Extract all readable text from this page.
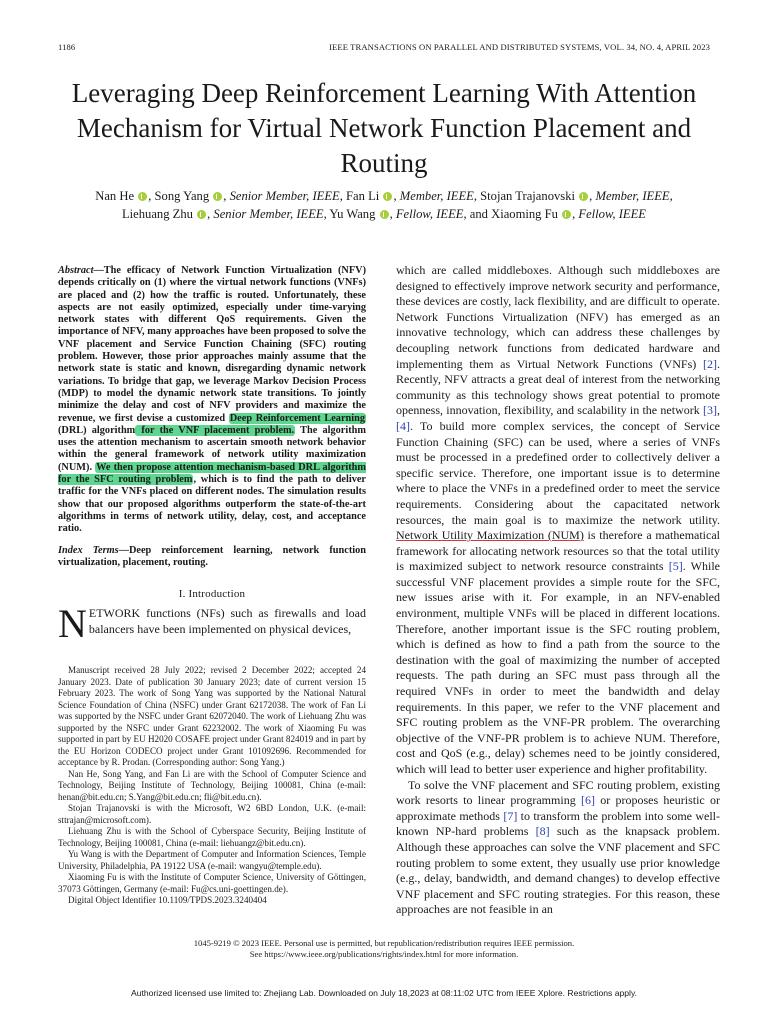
1186	IEEE TRANSACTIONS ON PARALLEL AND DISTRIBUTED SYSTEMS, VOL. 34, NO. 4, APRIL 2023
Leveraging Deep Reinforcement Learning With Attention Mechanism for Virtual Network Function Placement and Routing
Nan He , Song Yang , Senior Member, IEEE, Fan Li , Member, IEEE, Stojan Trajanovski , Member, IEEE,
Liehuang Zhu , Senior Member, IEEE, Yu Wang , Fellow, IEEE, and Xiaoming Fu , Fellow, IEEE

Abstract—The efficacy of Network Function Virtualization (NFV) depends critically on (1) where the virtual network functions (VNFs) are placed and (2) how the traffic is routed. Unfortunately, these aspects are not easily optimized, especially under time-varying network states with different QoS requirements. Given the importance of NFV, many approaches have been proposed to solve the VNF placement and Service Function Chaining (SFC) routing problem. However, those prior approaches mainly assume that the network state is static and known, disregarding dynamic network variations. To bridge that gap, we leverage Markov Decision Process (MDP) to model the dynamic network state transitions. To jointly minimize the delay and cost of NFV providers and maximize the revenue, we first devise a customized Deep Reinforcement Learning (DRL) algorithm for the VNF placement problem. The algorithm uses the attention mechanism to ascertain smooth network behavior within the general framework of network utility maximization (NUM). We then propose attention mechanism-based DRL algorithm for the SFC routing problem, which is to find the path to deliver traffic for the VNFs placed on different nodes. The simulation results show that our proposed algorithms outperform the state-of-the-art algorithms in terms of network utility, delay, cost, and acceptance ratio.

Index Terms—Deep reinforcement learning, network function virtualization, placement, routing.

I. Introduction

NETWORK functions (NFs) such as firewalls and load balancers have been implemented on physical devices,

Manuscript received 28 July 2022; revised 2 December 2022; accepted 24 January 2023. Date of publication 30 January 2023; date of current version 15 February 2023. The work of Song Yang was supported by the National Natural Science Foundation of China (NSFC) under Grant 62172038. The work of Fan Li was supported by the NSFC under Grant 62072040. The work of Liehuang Zhu was supported by the NSFC under Grant 62232002. The work of Xiaoming Fu was supported in part by EU H2020 COSAFE project under Grant 824019 and in part by the EU Horizon CODECO project under Grant 101092696. Recommended for acceptance by R. Prodan. (Corresponding author: Song Yang.)

Nan He, Song Yang, and Fan Li are with the School of Computer Science and Technology, Beijing Institute of Technology, Beijing 100081, China (e-mail: henan@bit.edu.cn; S.Yang@bit.edu.cn; fli@bit.edu.cn).

Stojan Trajanovski is with the Microsoft, W2 6BD London, U.K. (e-mail: sttrajan@microsoft.com).

Liehuang Zhu is with the School of Cyberspace Security, Beijing Institute of Technology, Beijing 100081, China (e-mail: liehuangz@bit.edu.cn).

Yu Wang is with the Department of Computer and Information Sciences, Temple University, Philadelphia, PA 19122 USA (e-mail: wangyu@temple.edu).

Xiaoming Fu is with the Institute of Computer Science, University of Göttingen, 37073 Göttingen, Germany (e-mail: Fu@cs.uni-goettingen.de).

Digital Object Identifier 10.1109/TPDS.2023.3240404

which are called middleboxes. Although such middleboxes are designed to effectively improve network security and performance, these devices are costly, lack flexibility, and are difficult to operate. Network Functions Virtualization (NFV) has emerged as an innovative technology, which can address these challenges by decoupling network functions from dedicated hardware and implementing them as Virtual Network Functions (VNFs) [2]. Recently, NFV attracts a great deal of interest from the networking community as this technology shows great potential to promote openness, innovation, flexibility, and scalability in the network [3], [4]. To build more complex services, the concept of Service Function Chaining (SFC) can be used, where a series of VNFs must be processed in a predefined order to collectively deliver a specific service. Therefore, one important issue is to determine where to place the VNFs in a predefined order to meet the service requirements. Considering about the capacitated network resources, the main goal is to maximize the network utility. Network Utility Maximization (NUM) is therefore a mathematical framework for allocating network resources so that the total utility is maximized subject to network resource constraints [5]. While successful VNF placement provides a simple route for the SFC, new issues arise with it. For example, in an NFV-enabled environment, multiple VNFs will be placed in different locations. Therefore, another important issue is the SFC routing problem, which is defined as how to find a path from the source to the destination with the goal of maximizing the number of accepted requests. The path during an SFC must pass through all the required VNFs in order to meet the bandwidth and delay requirements. In this paper, we refer to the VNF placement and SFC routing problem as the VNF-PR problem. The overarching objective of the VNF-PR problem is to achieve NUM. Therefore, cost and QoS (e.g., delay) schemes need to be jointly considered, which will lead to better user experience and higher profitability.

To solve the VNF placement and SFC routing problem, existing work resorts to linear programming [6] or proposes heuristic or approximate methods [7] to transform the problem into some well-known NP-hard problems [8] such as the knapsack problem. Although these approaches can solve the VNF placement and SFC routing problem to some extent, they usually use prior knowledge (e.g., delay, bandwidth, and demand changes) to develop effective VNF placement and SFC routing strategies. For this reason, these approaches are not feasible in an

1045-9219 © 2023 IEEE. Personal use is permitted, but republication/redistribution requires IEEE permission.
See https://www.ieee.org/publications/rights/index.html for more information.
Authorized licensed use limited to: Zhejiang Lab. Downloaded on July 18,2023 at 08:11:02 UTC from IEEE Xplore. Restrictions apply.
